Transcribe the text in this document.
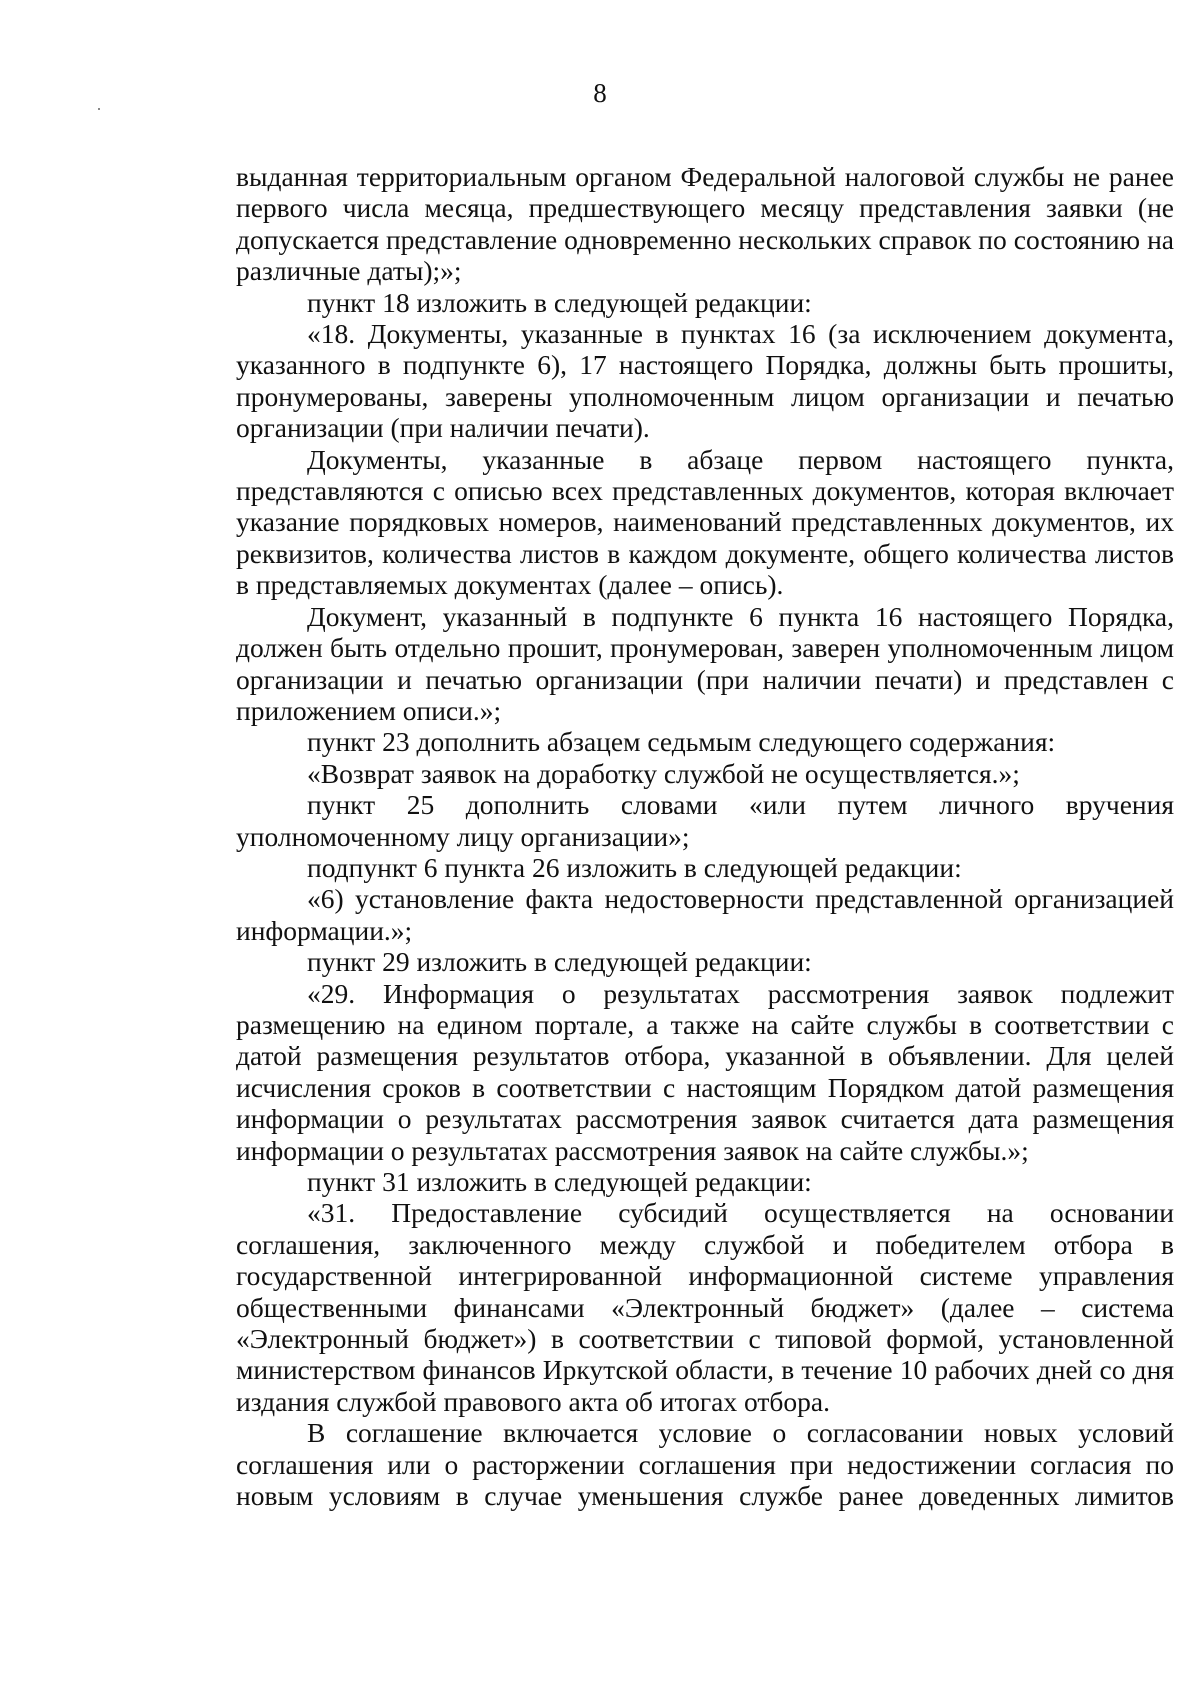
8

выданная территориальным органом Федеральной налоговой службы не ранее первого числа месяца, предшествующего месяцу представления заявки (не допускается представление одновременно нескольких справок по состоянию на различные даты);»;

пункт 18 изложить в следующей редакции:

«18. Документы, указанные в пунктах 16 (за исключением документа, указанного в подпункте 6), 17 настоящего Порядка, должны быть прошиты, пронумерованы, заверены уполномоченным лицом организации и печатью организации (при наличии печати).

Документы, указанные в абзаце первом настоящего пункта, представляются с описью всех представленных документов, которая включает указание порядковых номеров, наименований представленных документов, их реквизитов, количества листов в каждом документе, общего количества листов в представляемых документах (далее – опись).

Документ, указанный в подпункте 6 пункта 16 настоящего Порядка, должен быть отдельно прошит, пронумерован, заверен уполномоченным лицом организации и печатью организации (при наличии печати) и представлен с приложением описи.»;

пункт 23 дополнить абзацем седьмым следующего содержания:

«Возврат заявок на доработку службой не осуществляется.»;

пункт 25 дополнить словами «или путем личного вручения уполномоченному лицу организации»;

подпункт 6 пункта 26 изложить в следующей редакции:

«6) установление факта недостоверности представленной организацией информации.»;

пункт 29 изложить в следующей редакции:

«29. Информация о результатах рассмотрения заявок подлежит размещению на едином портале, а также на сайте службы в соответствии с датой размещения результатов отбора, указанной в объявлении. Для целей исчисления сроков в соответствии с настоящим Порядком датой размещения информации о результатах рассмотрения заявок считается дата размещения информации о результатах рассмотрения заявок на сайте службы.»;

пункт 31 изложить в следующей редакции:

«31. Предоставление субсидий осуществляется на основании соглашения, заключенного между службой и победителем отбора в государственной интегрированной информационной системе управления общественными финансами «Электронный бюджет» (далее – система «Электронный бюджет») в соответствии с типовой формой, установленной министерством финансов Иркутской области, в течение 10 рабочих дней со дня издания службой правового акта об итогах отбора.

В соглашение включается условие о согласовании новых условий соглашения или о расторжении соглашения при недостижении согласия по новым условиям в случае уменьшения службе ранее доведенных лимитов
